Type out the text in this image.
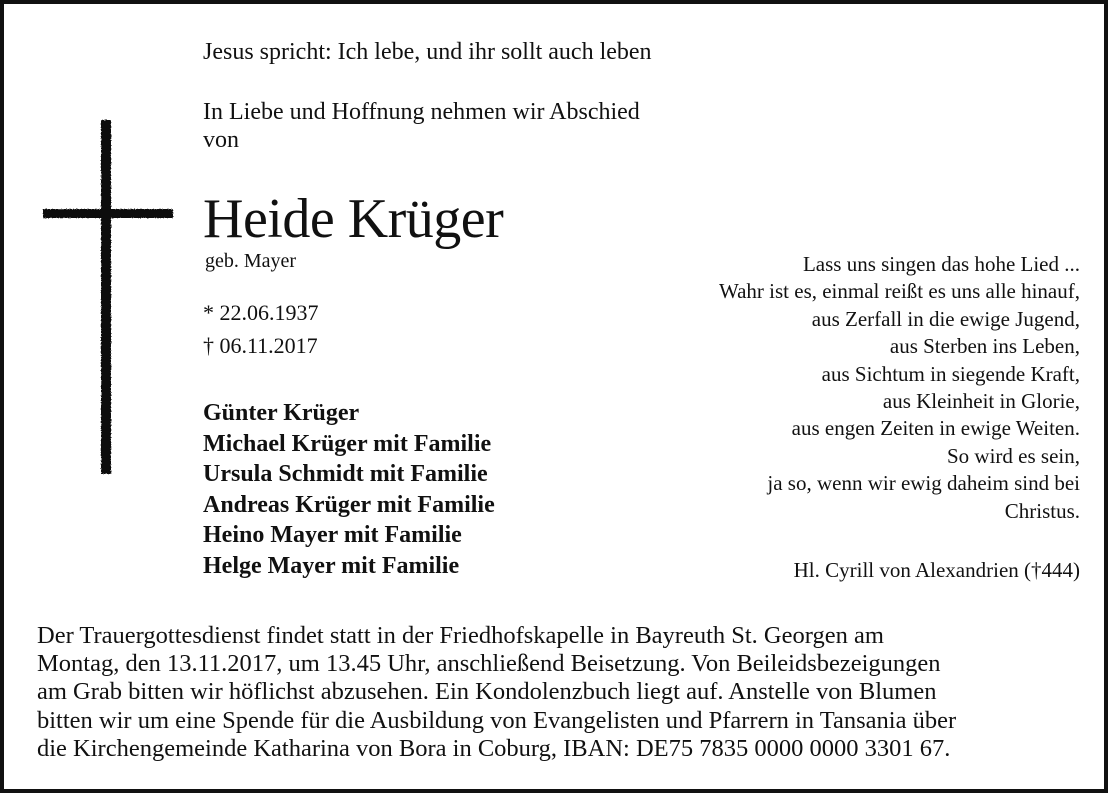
Jesus spricht: Ich lebe, und ihr sollt auch leben
In Liebe und Hoffnung nehmen wir Abschied
von
Heide Krüger
geb. Mayer
* 22.06.1937
† 06.11.2017
Günter Krüger
Michael Krüger mit Familie
Ursula Schmidt mit Familie
Andreas Krüger mit Familie
Heino Mayer mit Familie
Helge Mayer mit Familie
Lass uns singen das hohe Lied ...
Wahr ist es, einmal reißt es uns alle hinauf,
aus Zerfall in die ewige Jugend,
aus Sterben ins Leben,
aus Sichtum in siegende Kraft,
aus Kleinheit in Glorie,
aus engen Zeiten in ewige Weiten.
So wird es sein,
ja so, wenn wir ewig daheim sind bei
Christus.
Hl. Cyrill von Alexandrien (†444)
Der Trauergottesdienst findet statt in der Friedhofskapelle in Bayreuth St. Georgen am
Montag, den 13.11.2017, um 13.45 Uhr, anschließend Beisetzung. Von Beileidsbezeigungen
am Grab bitten wir höflichst abzusehen. Ein Kondolenzbuch liegt auf. Anstelle von Blumen
bitten wir um eine Spende für die Ausbildung von Evangelisten und Pfarrern in Tansania über
die Kirchengemeinde Katharina von Bora in Coburg, IBAN: DE75 7835 0000 0000 3301 67.
